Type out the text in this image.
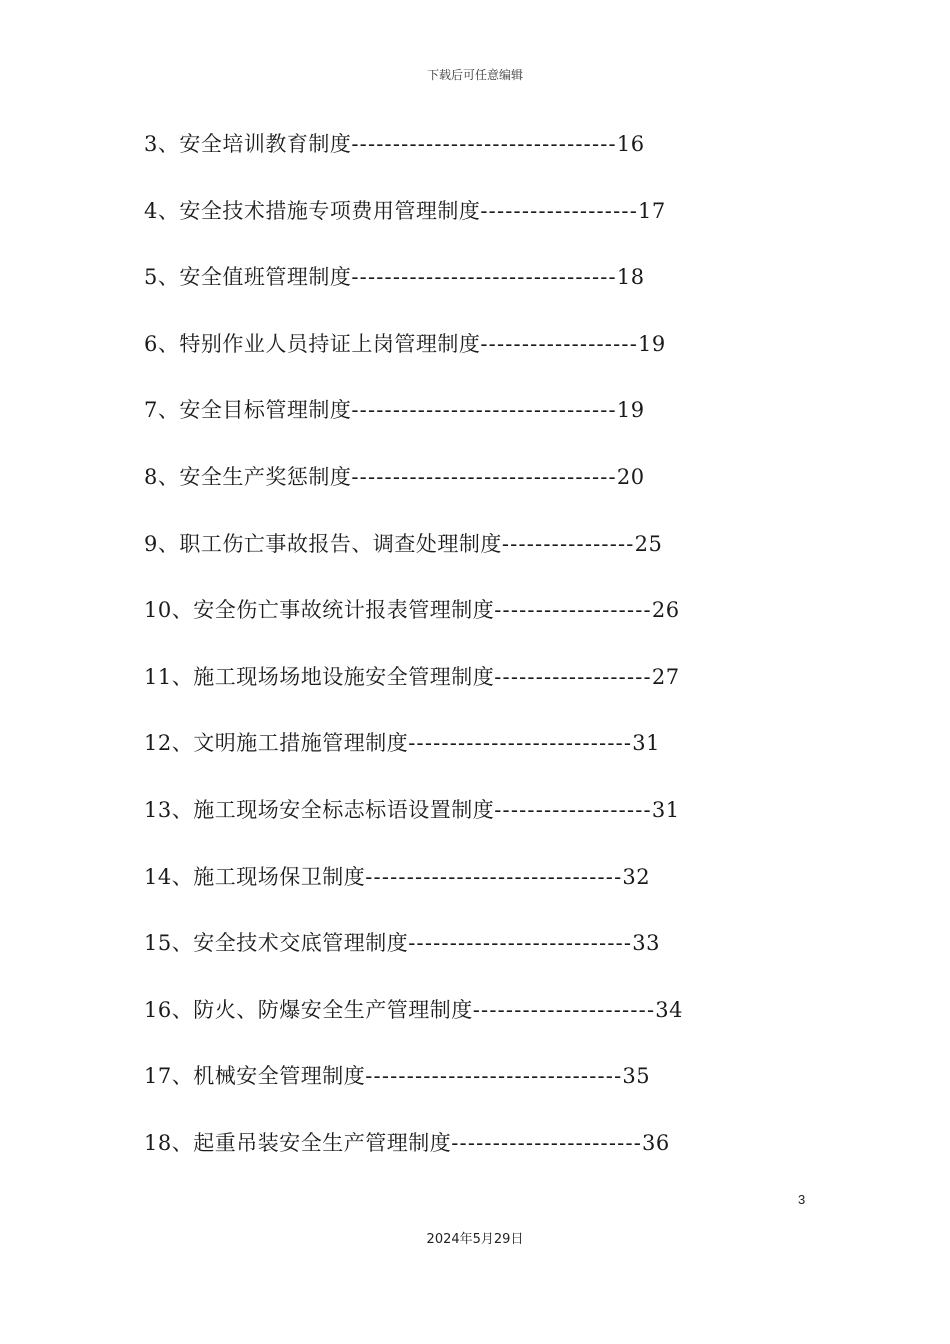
下载后可任意编辑
3、安全培训教育制度--------------------------------16
4、安全技术措施专项费用管理制度-------------------17
5、安全值班管理制度--------------------------------18
6、特别作业人员持证上岗管理制度-------------------19
7、安全目标管理制度--------------------------------19
8、安全生产奖惩制度--------------------------------20
9、职工伤亡事故报告、调查处理制度----------------25
10、安全伤亡事故统计报表管理制度-------------------26
11、施工现场场地设施安全管理制度-------------------27
12、文明施工措施管理制度---------------------------31
13、施工现场安全标志标语设置制度-------------------31
14、施工现场保卫制度-------------------------------32
15、安全技术交底管理制度---------------------------33
16、防火、防爆安全生产管理制度----------------------34
17、机械安全管理制度-------------------------------35
18、起重吊装安全生产管理制度-----------------------36
3
2024年5月29日
